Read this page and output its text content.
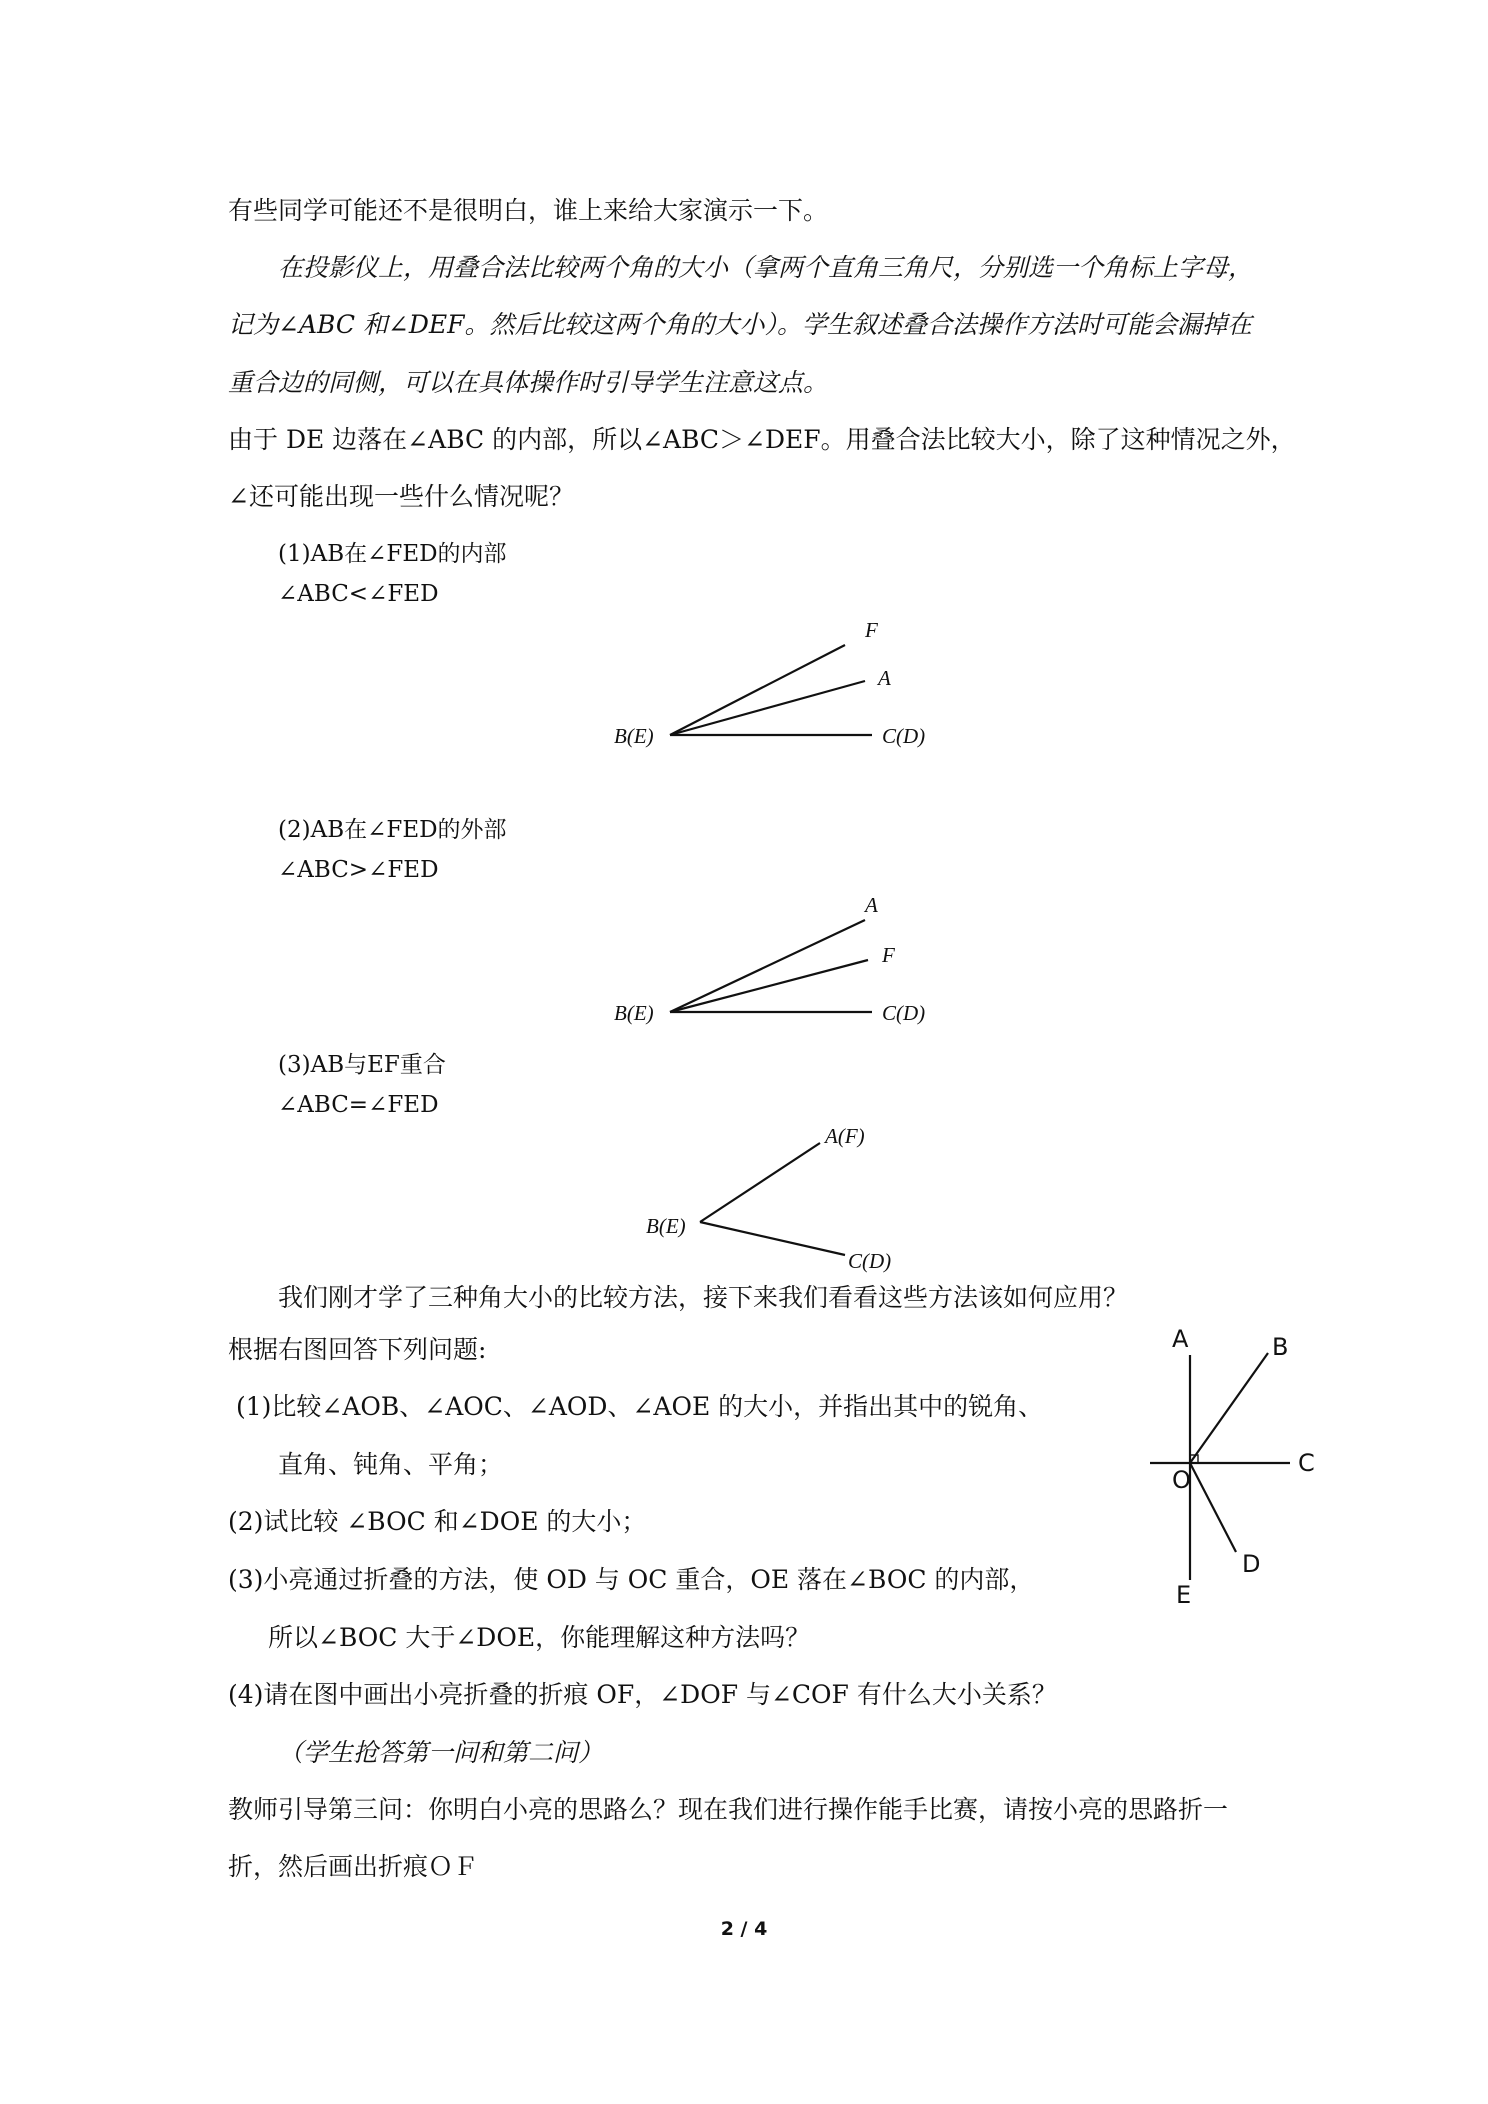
有些同学可能还不是很明白，谁上来给大家演示一下。
在投影仪上，用叠合法比较两个角的大小（拿两个直角三角尺，分别选一个角标上字母，
记为∠ABC 和∠DEF。然后比较这两个角的大小）。学生叙述叠合法操作方法时可能会漏掉在
重合边的同侧，可以在具体操作时引导学生注意这点。
由于 DE 边落在∠ABC 的内部，所以∠ABC＞∠DEF。用叠合法比较大小，除了这种情况之外，
∠还可能出现一些什么情况呢？
(1)AB在∠FED的内部
∠ABC<∠FED
F
A
B(E)	C(D)
(2)AB在∠FED的外部
∠ABC>∠FED
A
F
B(E)	C(D)
(3)AB与EF重合
∠ABC=∠FED
A(F)
B(E)
C(D)
我们刚才学了三种角大小的比较方法，接下来我们看看这些方法该如何应用？
根据右图回答下列问题:
(1)比较∠AOB、∠AOC、∠AOD、∠AOE 的大小，并指出其中的锐角、
直角、钝角、平角；
(2)试比较 ∠BOC 和∠DOE 的大小；
(3)小亮通过折叠的方法，使 OD 与 OC 重合，OE 落在∠BOC 的内部，
所以∠BOC 大于∠DOE，你能理解这种方法吗？
(4)请在图中画出小亮折叠的折痕 OF，∠DOF 与∠COF 有什么大小关系？
（学生抢答第一问和第二问）
教师引导第三问：你明白小亮的思路么？现在我们进行操作能手比赛，请按小亮的思路折一
折，然后画出折痕ＯＦ
A	B
C
O
D
E
2 / 4
